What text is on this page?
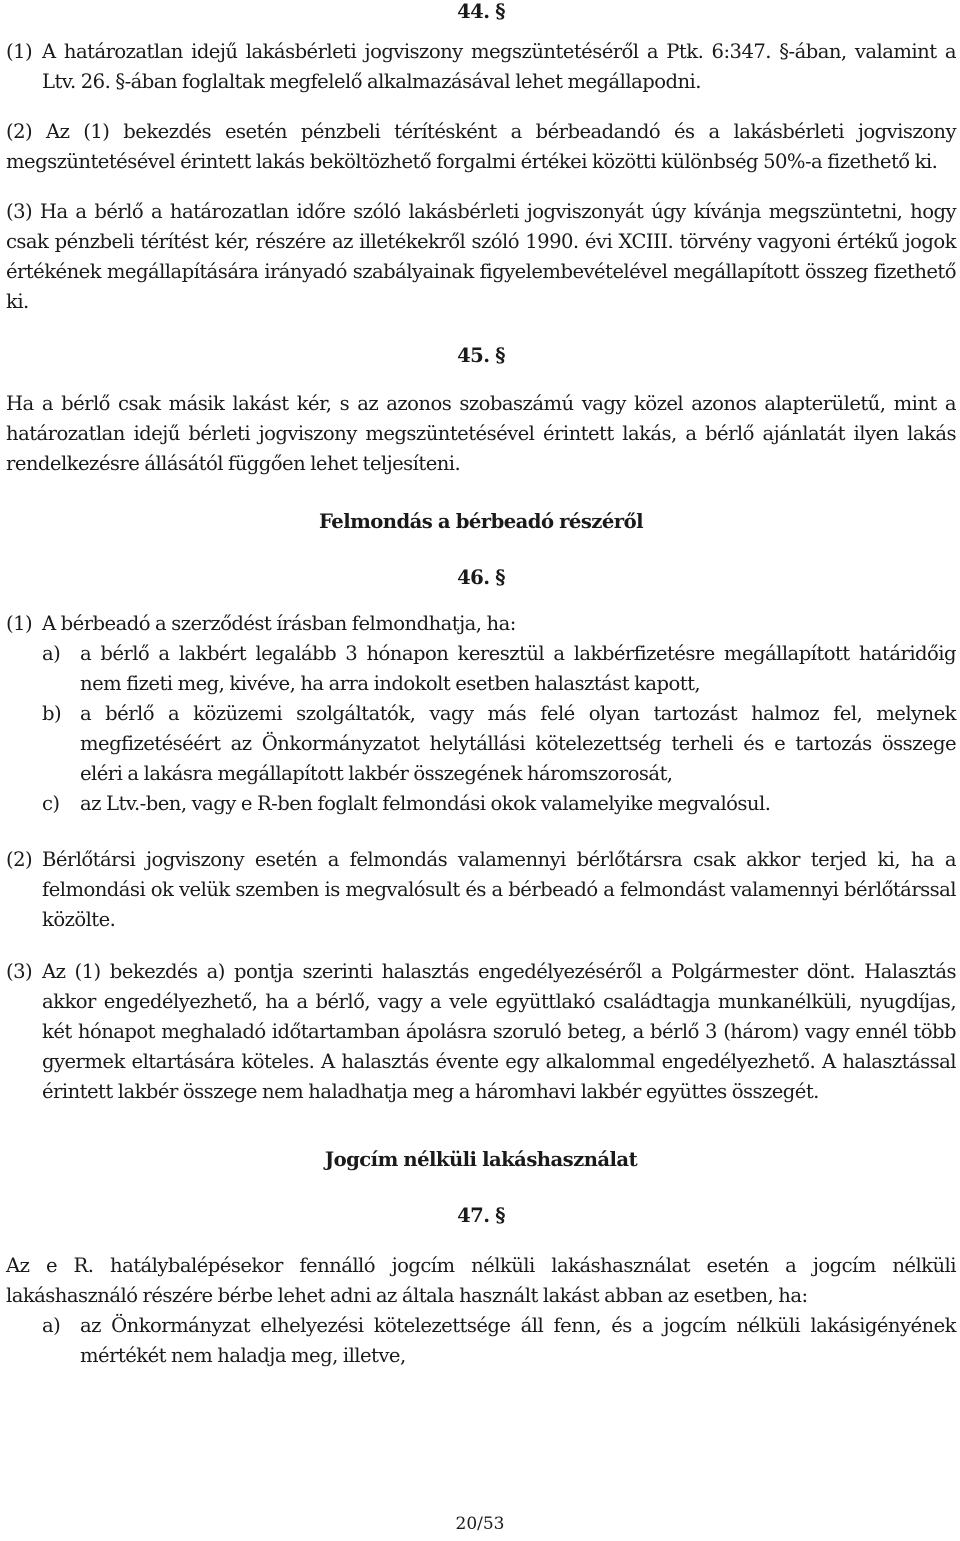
44. §
(1) A határozatlan idejű lakásbérleti jogviszony megszüntetéséről a Ptk. 6:347. §-ában, valamint a Ltv. 26. §-ában foglaltak megfelelő alkalmazásával lehet megállapodni.

(2) Az (1) bekezdés esetén pénzbeli térítésként a bérbeadandó és a lakásbérleti jogviszony megszüntetésével érintett lakás beköltözhető forgalmi értékei közötti különbség 50%-a fizethető ki.

(3) Ha a bérlő a határozatlan időre szóló lakásbérleti jogviszonyát úgy kívánja megszüntetni, hogy csak pénzbeli térítést kér, részére az illetékekről szóló 1990. évi XCIII. törvény vagyoni értékű jogok értékének megállapítására irányadó szabályainak figyelembevételével megállapított összeg fizethető ki.

45. §

Ha a bérlő csak másik lakást kér, s az azonos szobaszámú vagy közel azonos alapterületű, mint a határozatlan idejű bérleti jogviszony megszüntetésével érintett lakás, a bérlő ajánlatát ilyen lakás rendelkezésre állásától függően lehet teljesíteni.

Felmondás a bérbeadó részéről
46. §
(1) A bérbeadó a szerződést írásban felmondhatja, ha:
a)	a bérlő a lakbért legalább 3 hónapon keresztül a lakbérfizetésre megállapított határidőig nem fizeti meg, kivéve, ha arra indokolt esetben halasztást kapott,
b) a bérlő a közüzemi szolgáltatók, vagy más felé olyan tartozást halmoz fel, melynek megfizetéséért az Önkormányzatot helytállási kötelezettség terheli és e tartozás összege eléri a lakásra megállapított lakbér összegének háromszorosát,
c)	az Ltv.-ben, vagy e R-ben foglalt felmondási okok valamelyike megvalósul.
(2) Bérlőtársi jogviszony esetén a felmondás valamennyi bérlőtársra csak akkor terjed ki, ha a felmondási ok velük szemben is megvalósult és a bérbeadó a felmondást valamennyi bérlőtárssal közölte.
(3) Az (1) bekezdés a) pontja szerinti halasztás engedélyezéséről a Polgármester dönt. Halasztás akkor engedélyezhető, ha a bérlő, vagy a vele együttlakó családtagja munkanélküli, nyugdíjas, két hónapot meghaladó időtartamban ápolásra szoruló beteg, a bérlő 3 (három) vagy ennél több gyermek eltartására köteles. A halasztás évente egy alkalommal engedélyezhető. A halasztással érintett lakbér összege nem haladhatja meg a háromhavi lakbér együttes összegét.
Jogcím nélküli lakáshasználat
47. §

Az e R. hatálybalépésekor fennálló jogcím nélküli lakáshasználat esetén a jogcím nélküli lakáshasználó részére bérbe lehet adni az általa használt lakást abban az esetben, ha:

a)	az Önkormányzat elhelyezési kötelezettsége áll fenn, és a jogcím nélküli lakásigényének mértékét nem haladja meg, illetve,
20/53
